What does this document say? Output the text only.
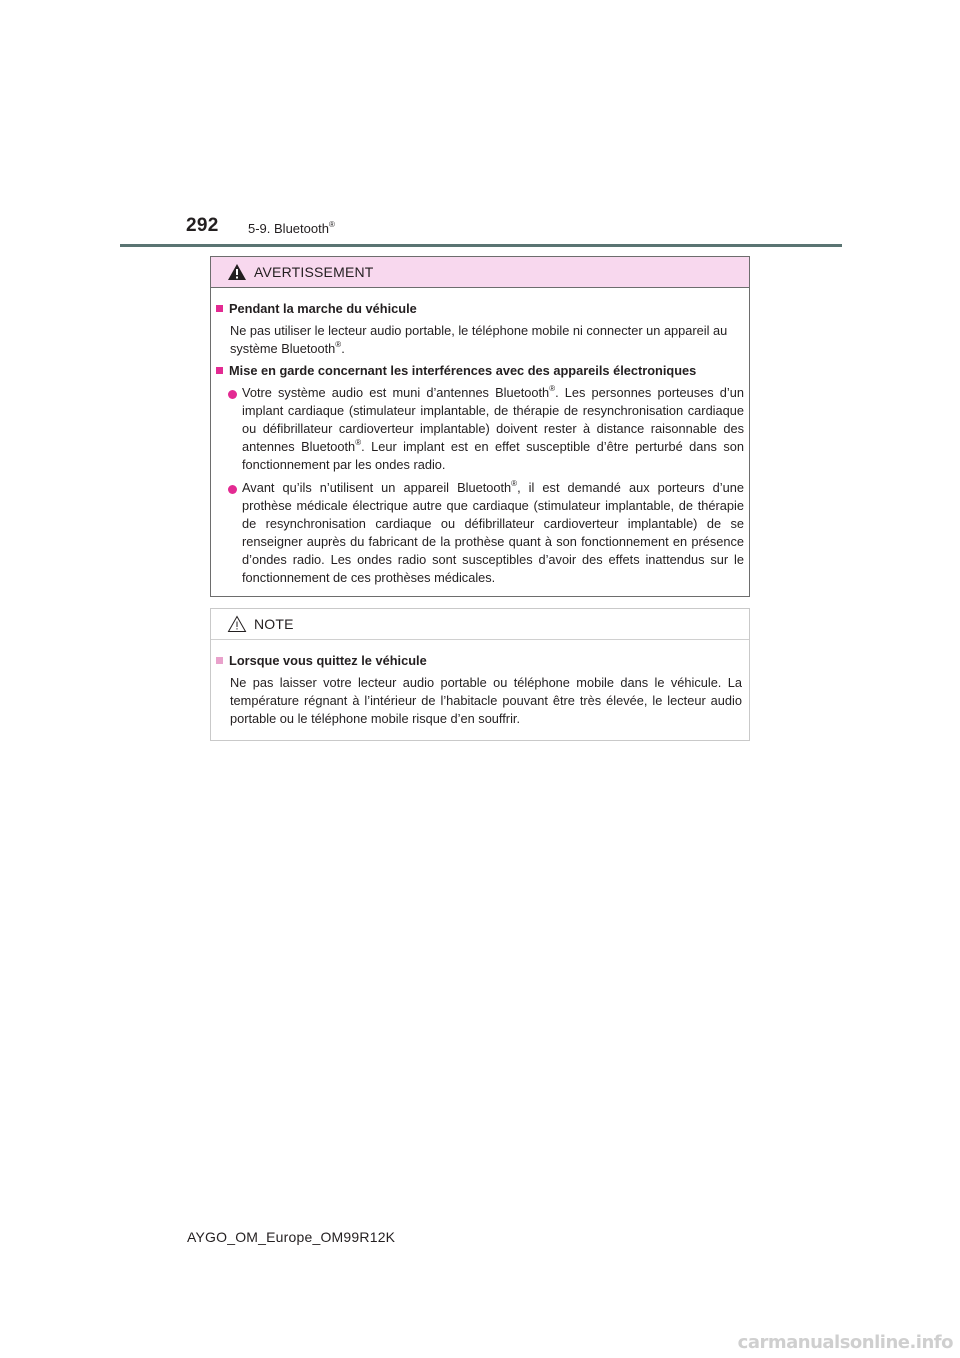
292 5-9. Bluetooth®
AVERTISSEMENT
Pendant la marche du véhicule
Ne pas utiliser le lecteur audio portable, le téléphone mobile ni connecter un appareil au système Bluetooth®.
Mise en garde concernant les interférences avec des appareils électroniques
Votre système audio est muni d’antennes Bluetooth®. Les personnes porteuses d’un implant cardiaque (stimulateur implantable, de thérapie de resynchronisation cardiaque ou défibrillateur cardioverteur implantable) doivent rester à distance raisonnable des antennes Bluetooth®. Leur implant est en effet susceptible d’être perturbé dans son fonctionnement par les ondes radio.
Avant qu’ils n’utilisent un appareil Bluetooth®, il est demandé aux porteurs d’une prothèse médicale électrique autre que cardiaque (stimulateur implantable, de thérapie de resynchronisation cardiaque ou défibrillateur cardioverteur implantable) de se renseigner auprès du fabricant de la prothèse quant à son fonctionnement en présence d’ondes radio. Les ondes radio sont susceptibles d’avoir des effets inattendus sur le fonctionnement de ces prothèses médicales.
NOTE
Lorsque vous quittez le véhicule
Ne pas laisser votre lecteur audio portable ou téléphone mobile dans le véhicule. La température régnant à l’intérieur de l’habitacle pouvant être très élevée, le lecteur audio portable ou le téléphone mobile risque d’en souffrir.
AYGO_OM_Europe_OM99R12K
carmanualsonline.info
